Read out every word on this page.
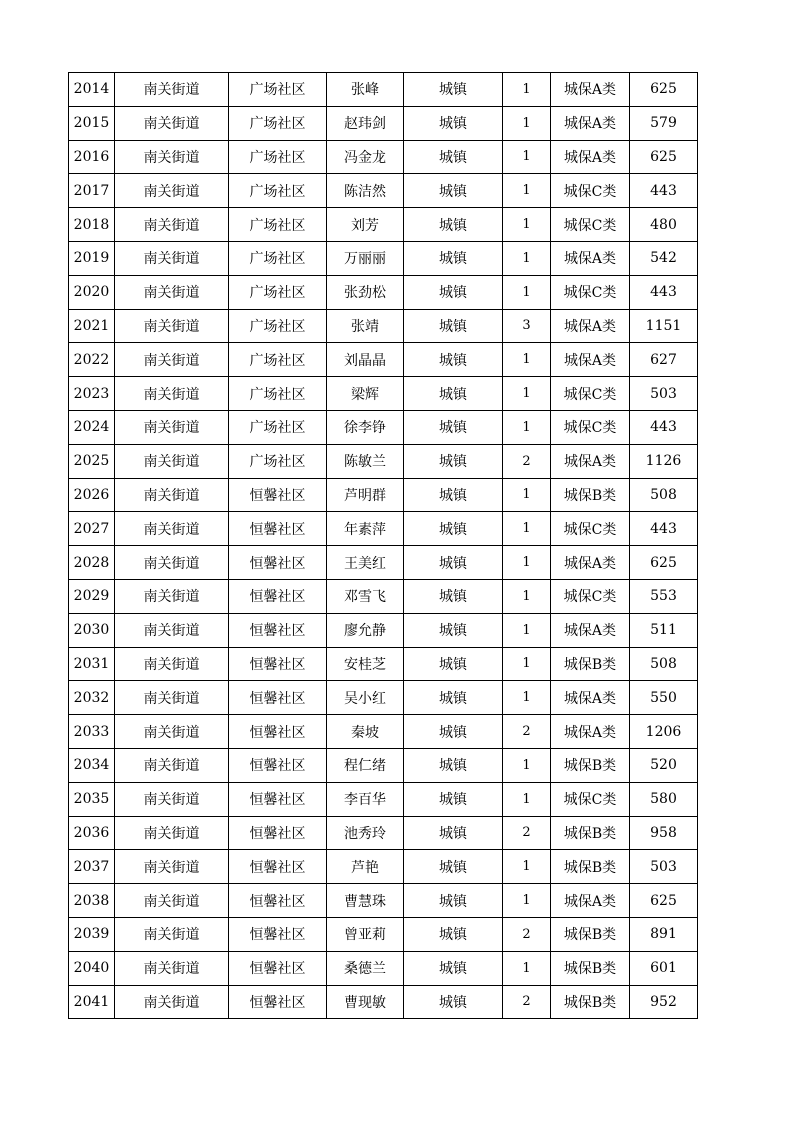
2014	南关街道	广场社区	张峰	城镇	1	城保A类	625
2015	南关街道	广场社区	赵玮剑	城镇	1	城保A类	579
2016	南关街道	广场社区	冯金龙	城镇	1	城保A类	625
2017	南关街道	广场社区	陈洁然	城镇	1	城保C类	443
2018	南关街道	广场社区	刘芳	城镇	1	城保C类	480
2019	南关街道	广场社区	万丽丽	城镇	1	城保A类	542
2020	南关街道	广场社区	张劲松	城镇	1	城保C类	443
2021	南关街道	广场社区	张靖	城镇	3	城保A类	1151
2022	南关街道	广场社区	刘晶晶	城镇	1	城保A类	627
2023	南关街道	广场社区	梁辉	城镇	1	城保C类	503
2024	南关街道	广场社区	徐李铮	城镇	1	城保C类	443
2025	南关街道	广场社区	陈敏兰	城镇	2	城保A类	1126
2026	南关街道	恒馨社区	芦明群	城镇	1	城保B类	508
2027	南关街道	恒馨社区	年素萍	城镇	1	城保C类	443
2028	南关街道	恒馨社区	王美红	城镇	1	城保A类	625
2029	南关街道	恒馨社区	邓雪飞	城镇	1	城保C类	553
2030	南关街道	恒馨社区	廖允静	城镇	1	城保A类	511
2031	南关街道	恒馨社区	安桂芝	城镇	1	城保B类	508
2032	南关街道	恒馨社区	吴小红	城镇	1	城保A类	550
2033	南关街道	恒馨社区	秦坡	城镇	2	城保A类	1206
2034	南关街道	恒馨社区	程仁绪	城镇	1	城保B类	520
2035	南关街道	恒馨社区	李百华	城镇	1	城保C类	580
2036	南关街道	恒馨社区	池秀玲	城镇	2	城保B类	958
2037	南关街道	恒馨社区	芦艳	城镇	1	城保B类	503
2038	南关街道	恒馨社区	曹慧珠	城镇	1	城保A类	625
2039	南关街道	恒馨社区	曾亚莉	城镇	2	城保B类	891
2040	南关街道	恒馨社区	桑德兰	城镇	1	城保B类	601
2041	南关街道	恒馨社区	曹现敏	城镇	2	城保B类	952
